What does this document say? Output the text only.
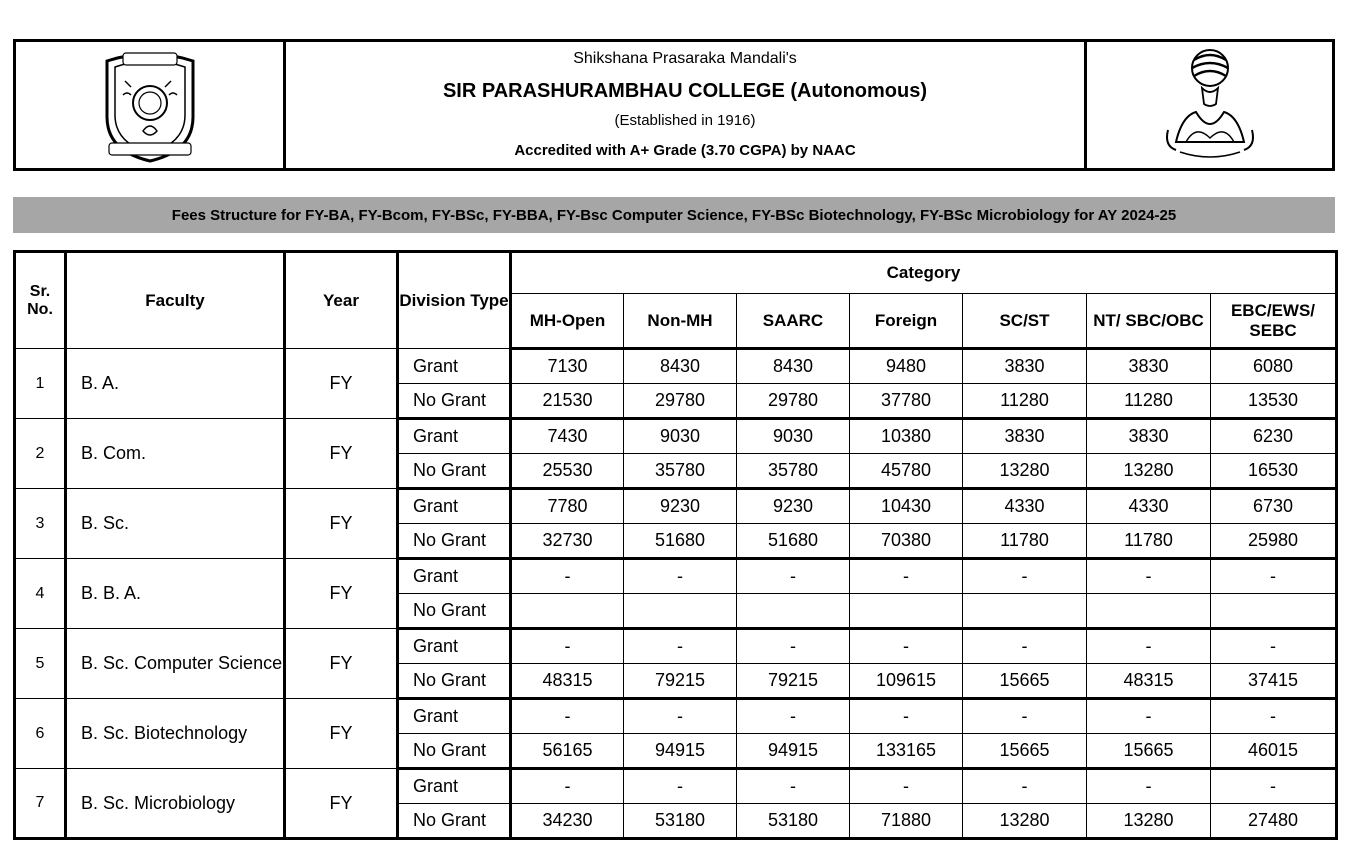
Shikshana Prasaraka Mandali's
SIR PARASHURAMBHAU COLLEGE (Autonomous)
(Established in 1916)
Accredited with A+ Grade (3.70 CGPA) by NAAC
Fees Structure for FY-BA, FY-Bcom, FY-BSc, FY-BBA, FY-Bsc Computer Science, FY-BSc Biotechnology, FY-BSc Microbiology for AY 2024-25
Sr. No.	Faculty	Year	Division Type	Category						
				MH-Open	Non-MH	SAARC	Foreign	SC/ST	NT/ SBC/OBC	EBC/EWS/ SEBC
1	B. A.	FY	Grant	7130	8430	8430	9480	3830	3830	6080
			No Grant	21530	29780	29780	37780	11280	11280	13530
2	B. Com.	FY	Grant	7430	9030	9030	10380	3830	3830	6230
			No Grant	25530	35780	35780	45780	13280	13280	16530
3	B. Sc.	FY	Grant	7780	9230	9230	10430	4330	4330	6730
			No Grant	32730	51680	51680	70380	11780	11780	25980
4	B. B. A.	FY	Grant	-	-	-	-	-	-	-
			No Grant							
5	B. Sc. Computer Science	FY	Grant	-	-	-	-	-	-	-
			No Grant	48315	79215	79215	109615	15665	48315	37415
6	B. Sc. Biotechnology	FY	Grant	-	-	-	-	-	-	-
			No Grant	56165	94915	94915	133165	15665	15665	46015
7	B. Sc. Microbiology	FY	Grant	-	-	-	-	-	-	-
			No Grant	34230	53180	53180	71880	13280	13280	27480
